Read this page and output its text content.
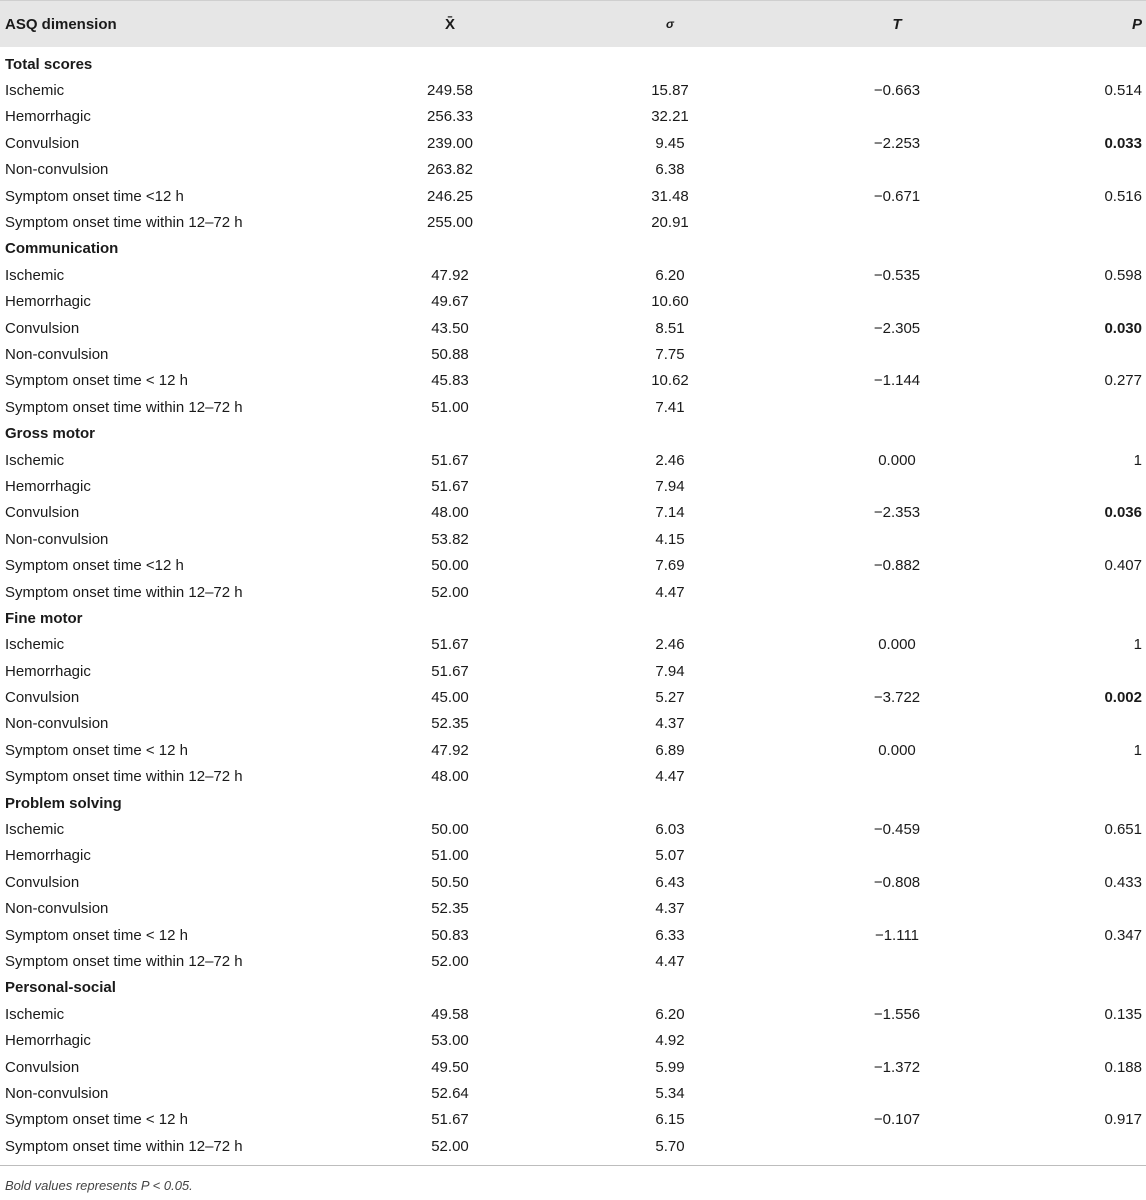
ASQ dimension	X̄	σ	T	P
Total scores
Ischemic	249.58	15.87	−0.663	0.514
Hemorrhagic	256.33	32.21
Convulsion	239.00	9.45	−2.253	0.033
Non-convulsion	263.82	6.38
Symptom onset time <12 h	246.25	31.48	−0.671	0.516
Symptom onset time within 12–72 h	255.00	20.91
Communication
Ischemic	47.92	6.20	−0.535	0.598
Hemorrhagic	49.67	10.60
Convulsion	43.50	8.51	−2.305	0.030
Non-convulsion	50.88	7.75
Symptom onset time < 12 h	45.83	10.62	−1.144	0.277
Symptom onset time within 12–72 h	51.00	7.41
Gross motor
Ischemic	51.67	2.46	0.000	1
Hemorrhagic	51.67	7.94
Convulsion	48.00	7.14	−2.353	0.036
Non-convulsion	53.82	4.15
Symptom onset time <12 h	50.00	7.69	−0.882	0.407
Symptom onset time within 12–72 h	52.00	4.47
Fine motor
Ischemic	51.67	2.46	0.000	1
Hemorrhagic	51.67	7.94
Convulsion	45.00	5.27	−3.722	0.002
Non-convulsion	52.35	4.37
Symptom onset time < 12 h	47.92	6.89	0.000	1
Symptom onset time within 12–72 h	48.00	4.47
Problem solving
Ischemic	50.00	6.03	−0.459	0.651
Hemorrhagic	51.00	5.07
Convulsion	50.50	6.43	−0.808	0.433
Non-convulsion	52.35	4.37
Symptom onset time < 12 h	50.83	6.33	−1.111	0.347
Symptom onset time within 12–72 h	52.00	4.47
Personal-social
Ischemic	49.58	6.20	−1.556	0.135
Hemorrhagic	53.00	4.92
Convulsion	49.50	5.99	−1.372	0.188
Non-convulsion	52.64	5.34
Symptom onset time < 12 h	51.67	6.15	−0.107	0.917
Symptom onset time within 12–72 h	52.00	5.70
Bold values represents P < 0.05.
